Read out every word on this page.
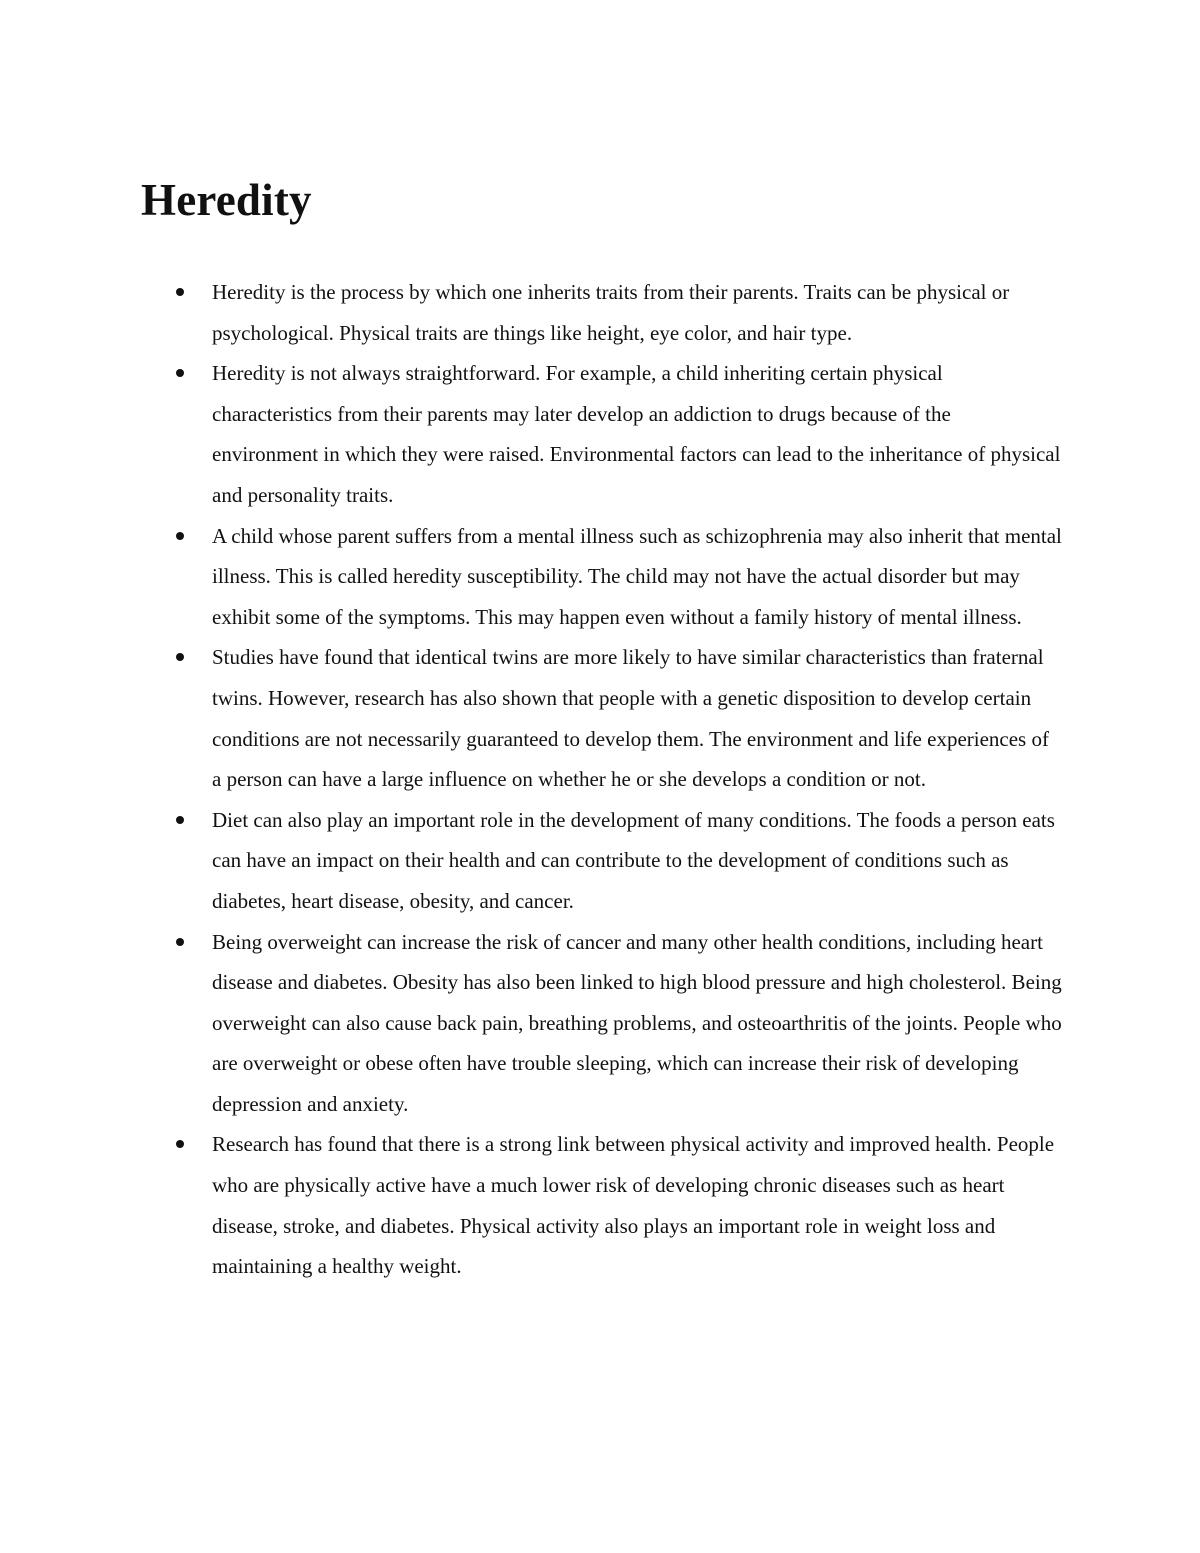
Heredity
Heredity is the process by which one inherits traits from their parents. Traits can be physical or psychological. Physical traits are things like height, eye color, and hair type.
Heredity is not always straightforward. For example, a child inheriting certain physical characteristics from their parents may later develop an addiction to drugs because of the environment in which they were raised. Environmental factors can lead to the inheritance of physical and personality traits.
A child whose parent suffers from a mental illness such as schizophrenia may also inherit that mental illness. This is called heredity susceptibility. The child may not have the actual disorder but may exhibit some of the symptoms. This may happen even without a family history of mental illness.
Studies have found that identical twins are more likely to have similar characteristics than fraternal twins. However, research has also shown that people with a genetic disposition to develop certain conditions are not necessarily guaranteed to develop them. The environment and life experiences of a person can have a large influence on whether he or she develops a condition or not.
Diet can also play an important role in the development of many conditions. The foods a person eats can have an impact on their health and can contribute to the development of conditions such as diabetes, heart disease, obesity, and cancer.
Being overweight can increase the risk of cancer and many other health conditions, including heart disease and diabetes. Obesity has also been linked to high blood pressure and high cholesterol. Being overweight can also cause back pain, breathing problems, and osteoarthritis of the joints. People who are overweight or obese often have trouble sleeping, which can increase their risk of developing depression and anxiety.
Research has found that there is a strong link between physical activity and improved health. People who are physically active have a much lower risk of developing chronic diseases such as heart disease, stroke, and diabetes. Physical activity also plays an important role in weight loss and maintaining a healthy weight.
